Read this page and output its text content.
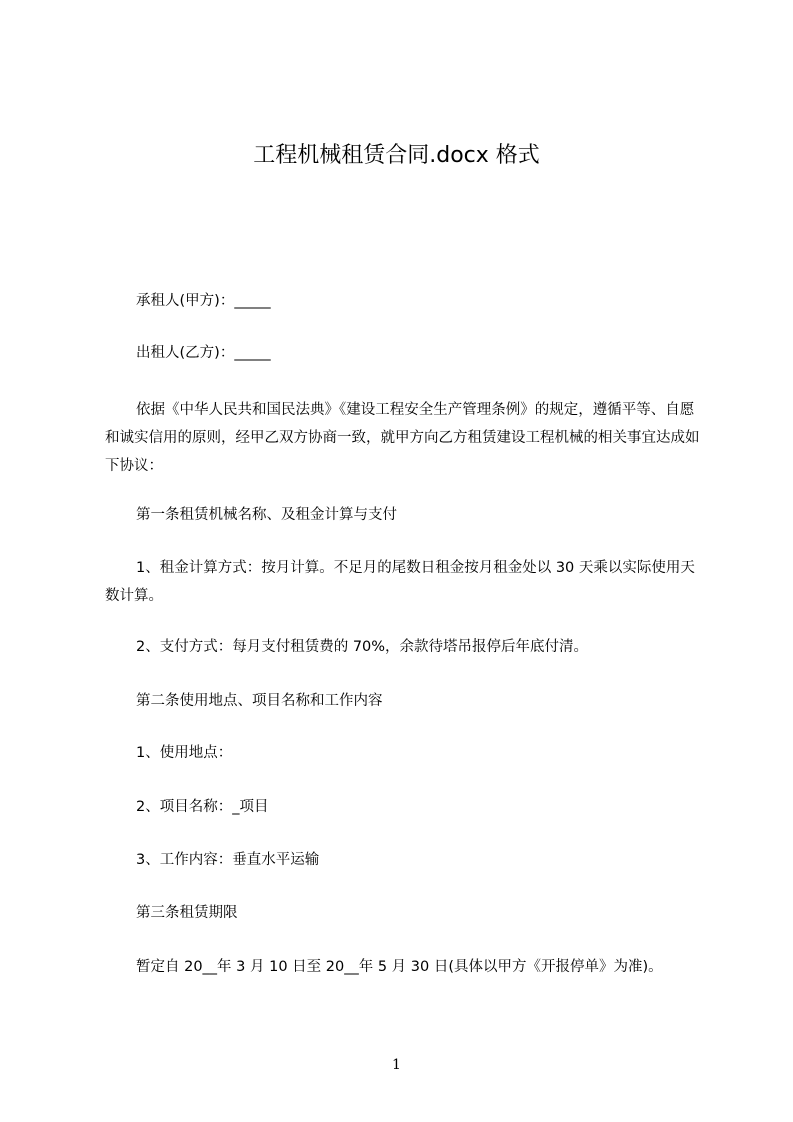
工程机械租赁合同.docx 格式
承租人(甲方)：_____
出租人(乙方)：_____
依据《中华人民共和国民法典》《建设工程安全生产管理条例》的规定，遵循平等、自愿和诚实信用的原则，经甲乙双方协商一致，就甲方向乙方租赁建设工程机械的相关事宜达成如下协议：
第一条租赁机械名称、及租金计算与支付
1、租金计算方式：按月计算。不足月的尾数日租金按月租金处以 30 天乘以实际使用天数计算。
2、支付方式：每月支付租赁费的 70%，余款待塔吊报停后年底付清。
第二条使用地点、项目名称和工作内容
1、使用地点：
2、项目名称：_项目
3、工作内容：垂直水平运输
第三条租赁期限
暂定自 20__年 3 月 10 日至 20__年 5 月 30 日(具体以甲方《开报停单》为准)。
1
